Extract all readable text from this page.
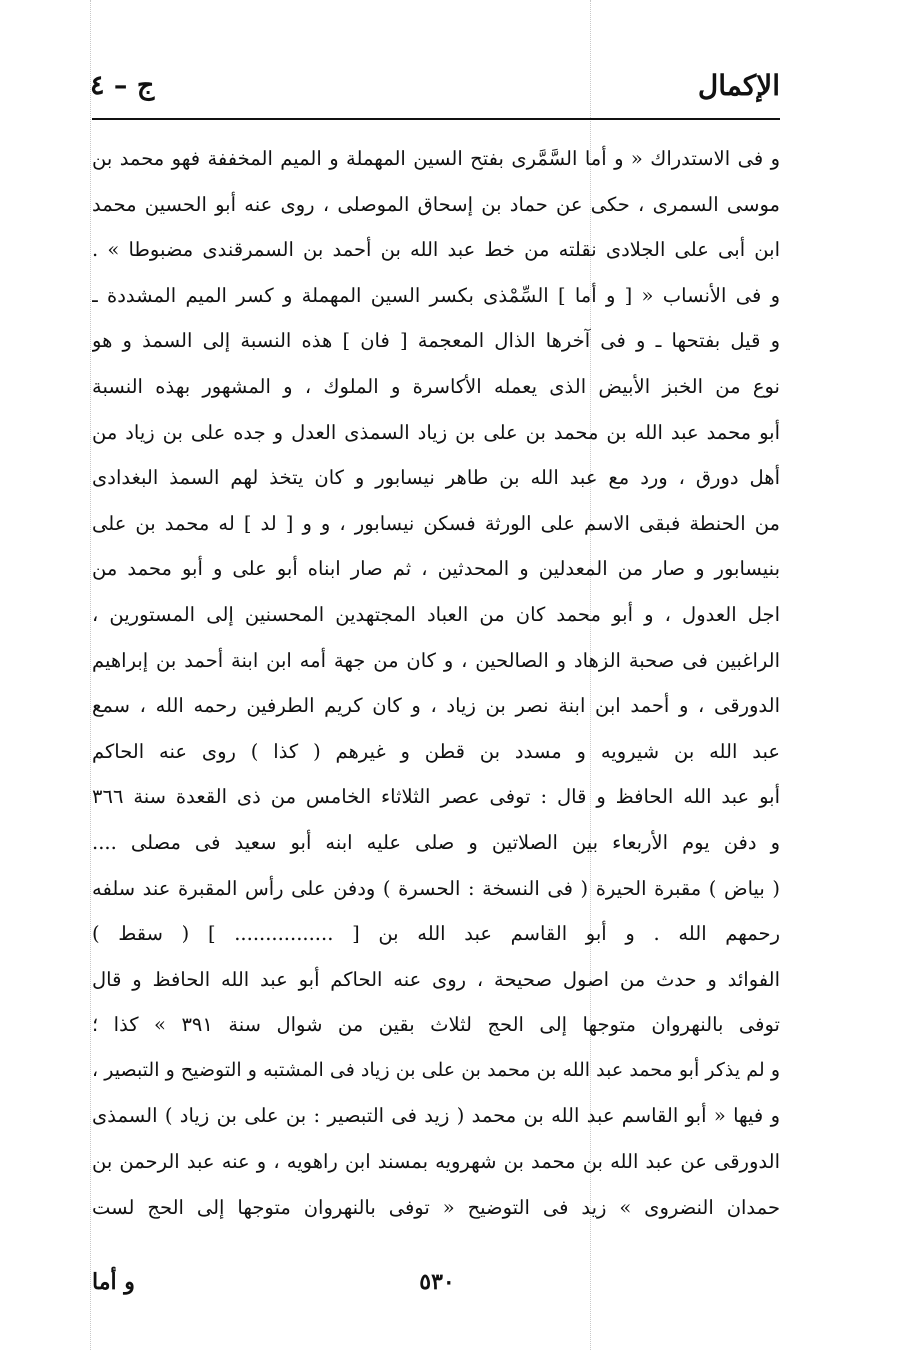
الإكمال
ج – ٤
و فى الاستدراك « و أما السَّمَّرى بفتح السين المهملة و الميم المخففة فهو محمد بن
موسى السمرى ، حكى عن حماد بن إسحاق الموصلى ، روى عنه أبو الحسين محمد
ابن أبى على الجلادى نقلته من خط عبد الله بن أحمد بن السمرقندى مضبوطا » .
و فى الأنساب « [ و أما ] السِّمْذى بكسر السين المهملة و كسر الميم المشددة ـ
و قيل بفتحها ـ و فى آخرها الذال المعجمة [ فان ] هذه النسبة إلى السمذ و هو
نوع من الخبز الأبيض الذى يعمله الأكاسرة و الملوك ، و المشهور بهذه النسبة
أبو محمد عبد الله بن محمد بن على بن زياد السمذى العدل و جده على بن زياد من
أهل دورق ، ورد مع عبد الله بن طاهر نيسابور و كان يتخذ لهم السمذ البغدادى
من الحنطة فبقى الاسم على الورثة فسكن نيسابور ، و و [ لد ] له محمد بن على
بنيسابور و صار من المعدلين و المحدثين ، ثم صار ابناه أبو على و أبو محمد من
اجل العدول ، و أبو محمد كان من العباد المجتهدين المحسنين إلى المستورين ،
الراغبين فى صحبة الزهاد و الصالحين ، و كان من جهة أمه ابن ابنة أحمد بن إبراهيم
الدورقى ، و أحمد ابن ابنة نصر بن زياد ، و كان كريم الطرفين رحمه الله ، سمع
عبد الله بن شيرويه و مسدد بن قطن و غيرهم ( كذا ) روى عنه الحاكم
أبو عبد الله الحافظ و قال : توفى عصر الثلاثاء الخامس من ذى القعدة سنة ٣٦٦
و دفن يوم الأربعاء بين الصلاتين و صلى عليه ابنه أبو سعيد فى مصلى ....
( بياض ) مقبرة الحيرة ( فى النسخة : الحسرة ) ودفن على رأس المقبرة عند سلفه
رحمهم الله . و أبو القاسم عبد الله بن [ ................ ] ( سقط )
الفوائد و حدث من اصول صحيحة ، روى عنه الحاكم أبو عبد الله الحافظ و قال
توفى بالنهروان متوجها إلى الحج لثلاث بقين من شوال سنة ٣٩١ » كذا ؛
و لم يذكر أبو محمد عبد الله بن محمد بن على بن زياد فى المشتبه و التوضيح و التبصير ،
و فيها « أبو القاسم عبد الله بن محمد ( زيد فى التبصير : بن على بن زياد ) السمذى
الدورقى عن عبد الله بن محمد بن شهرويه بمسند ابن راهويه ، و عنه عبد الرحمن بن
حمدان النضروى » زيد فى التوضيح « توفى بالنهروان متوجها إلى الحج لست
٥٣٠
و أما
